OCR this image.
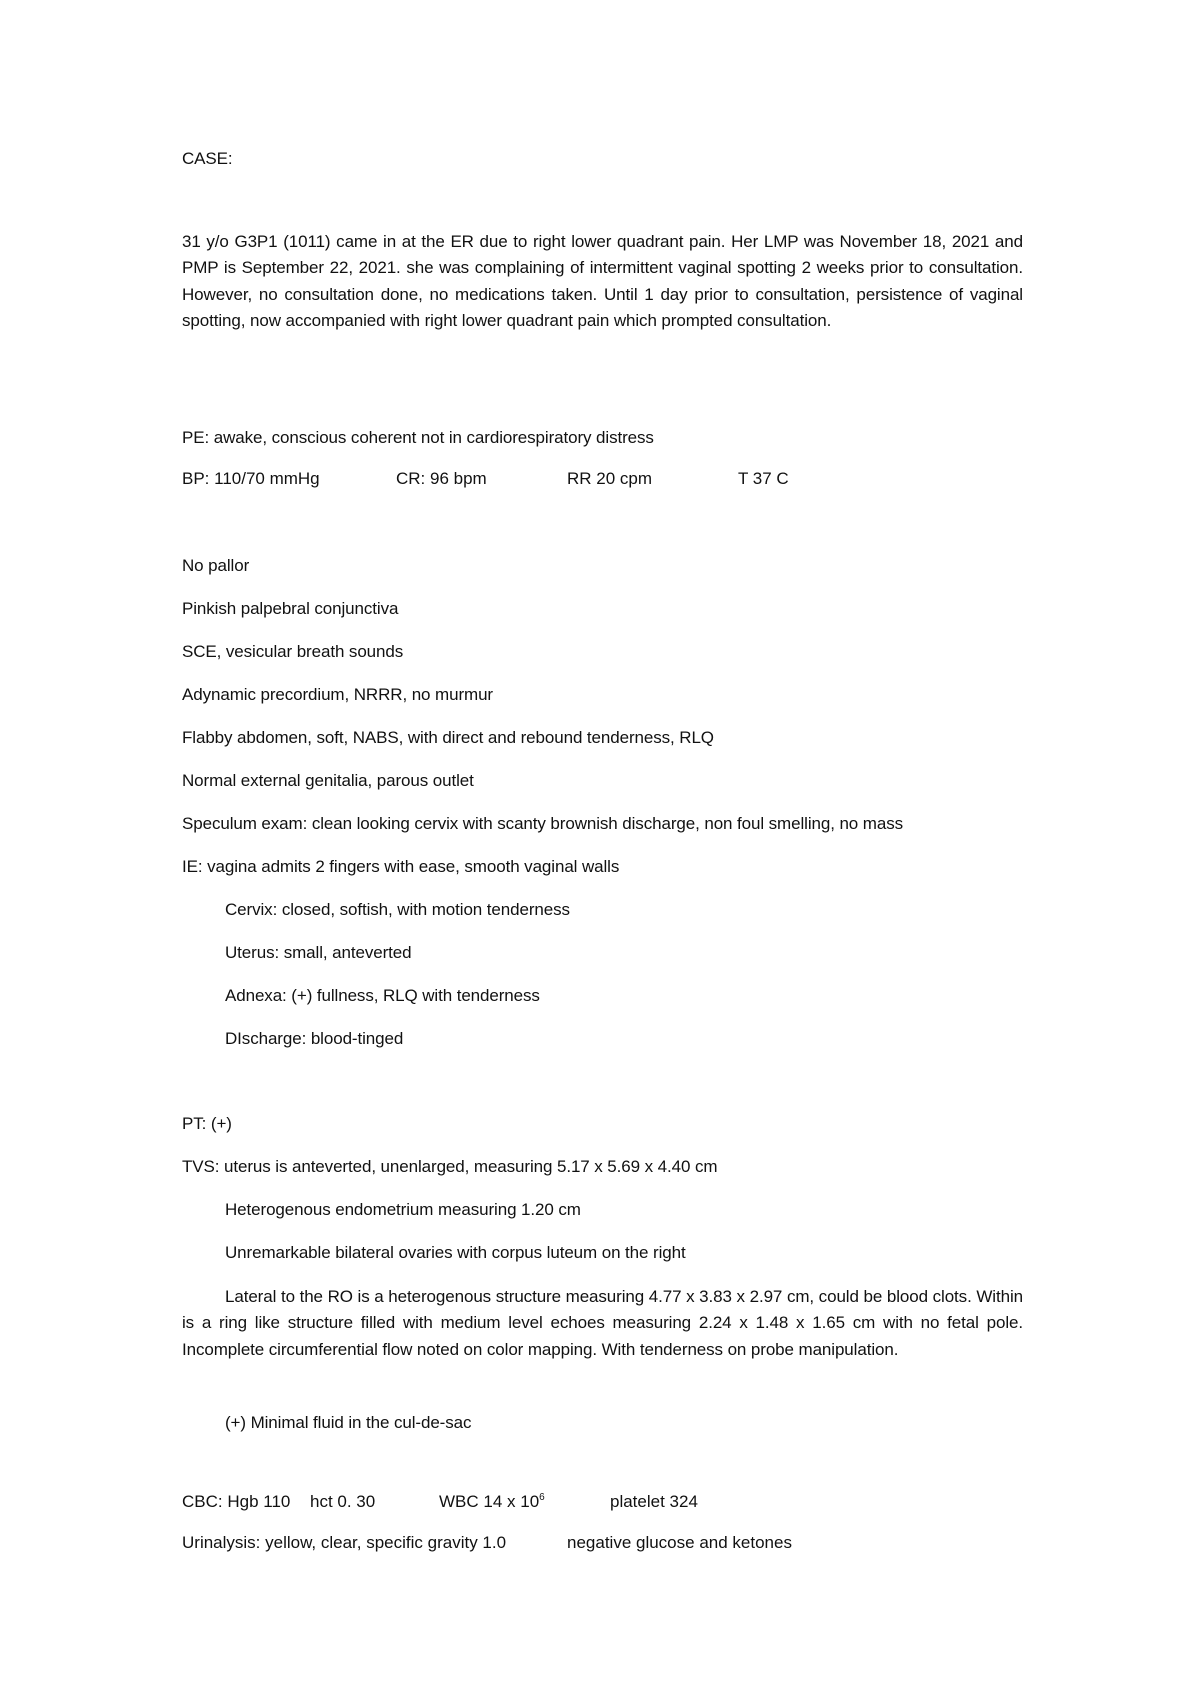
CASE:
31 y/o G3P1 (1011) came in at the ER due to right lower quadrant pain. Her LMP was November 18, 2021 and PMP is September 22, 2021. she was complaining of intermittent vaginal spotting 2 weeks prior to consultation. However, no consultation done, no medications taken. Until 1 day prior to consultation, persistence of vaginal spotting, now accompanied with right lower quadrant pain which prompted consultation.
PE: awake, conscious coherent not in cardiorespiratory distress
BP: 110/70 mmHg	CR: 96 bpm	RR 20 cpm	T 37 C
No pallor
Pinkish palpebral conjunctiva
SCE, vesicular breath sounds
Adynamic precordium, NRRR, no murmur
Flabby abdomen, soft, NABS, with direct and rebound tenderness, RLQ
Normal external genitalia, parous outlet
Speculum exam: clean looking cervix with scanty brownish discharge, non foul smelling, no mass
IE: vagina admits 2 fingers with ease, smooth vaginal walls
Cervix: closed, softish, with motion tenderness
Uterus: small, anteverted
Adnexa: (+) fullness, RLQ with tenderness
DIscharge: blood-tinged
PT: (+)
TVS: uterus is anteverted, unenlarged, measuring 5.17 x 5.69 x 4.40 cm
Heterogenous endometrium measuring 1.20 cm
Unremarkable bilateral ovaries with corpus luteum on the right
Lateral to the RO is a heterogenous structure measuring 4.77 x 3.83 x 2.97 cm, could be blood clots. Within is a ring like structure filled with medium level echoes measuring 2.24 x 1.48 x 1.65 cm with no fetal pole. Incomplete circumferential flow noted on color mapping. With tenderness on probe manipulation.
(+) Minimal fluid in the cul-de-sac
CBC: Hgb 110 hct 0. 30	WBC 14 x $10^6$	platelet 324
Urinalysis: yellow, clear, specific gravity 1.0	negative glucose and ketones
